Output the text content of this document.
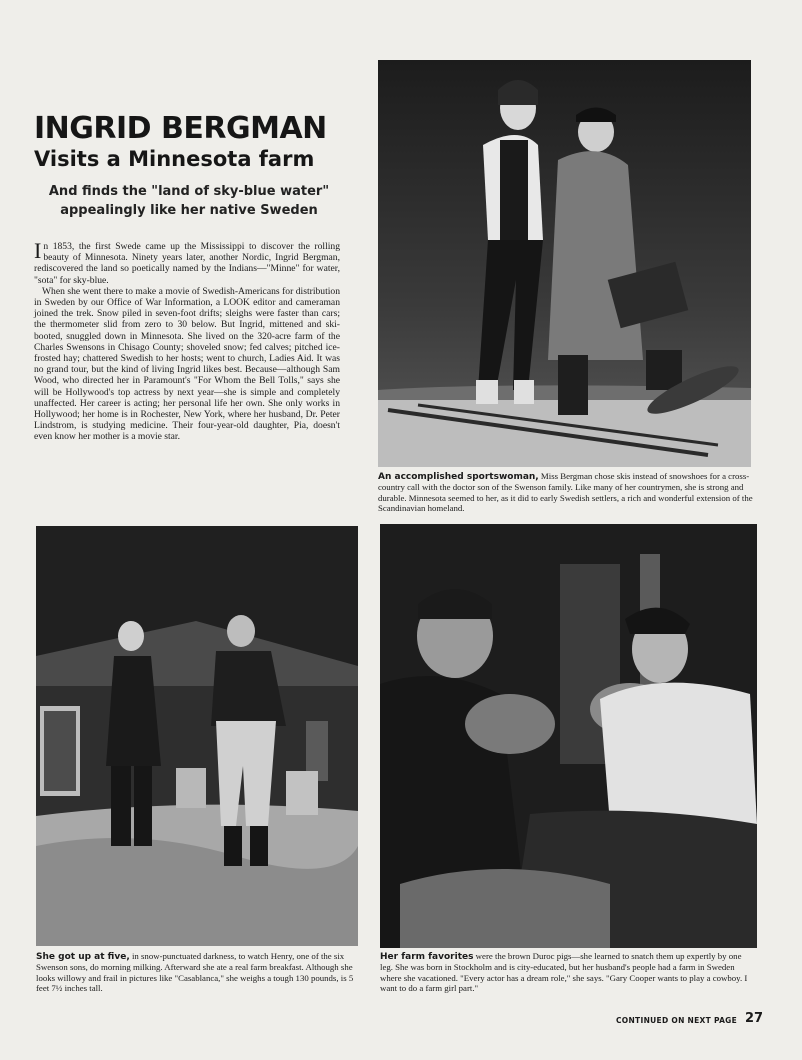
INGRID BERGMAN
Visits a Minnesota farm
And finds the "land of sky-blue water" appealingly like her native Sweden

In 1853, the first Swede came up the Mississippi to discover the rolling beauty of Minnesota. Ninety years later, another Nordic, Ingrid Bergman, rediscovered the land so poetically named by the Indians—"Minne" for water, "sota" for sky-blue.

When she went there to make a movie of Swedish-Americans for distribution in Sweden by our Office of War Information, a LOOK editor and cameraman joined the trek. Snow piled in seven-foot drifts; sleighs were faster than cars; the thermometer slid from zero to 30 below. But Ingrid, mittened and ski-booted, snuggled down in Minnesota. She lived on the 320-acre farm of the Charles Swensons in Chisago County; shoveled snow; fed calves; pitched ice-frosted hay; chattered Swedish to her hosts; went to church, Ladies Aid. It was no grand tour, but the kind of living Ingrid likes best. Because—although Sam Wood, who directed her in Paramount's "For Whom the Bell Tolls," says she will be Hollywood's top actress by next year—she is simple and completely unaffected. Her career is acting; her personal life her own. She only works in Hollywood; her home is in Rochester, New York, where her husband, Dr. Peter Lindstrom, is studying medicine. Their four-year-old daughter, Pia, doesn't even know her mother is a movie star.

An accomplished sportswoman, Miss Bergman chose skis instead of snowshoes for a cross-country call with the doctor son of the Swenson family. Like many of her countrymen, she is strong and durable. Minnesota seemed to her, as it did to early Swedish settlers, a rich and wonderful extension of the Scandinavian homeland.
She got up at five, in snow-punctuated darkness, to watch Henry, one of the six Swenson sons, do morning milking. Afterward she ate a real farm breakfast. Although she looks willowy and frail in pictures like "Casablanca," she weighs a tough 130 pounds, is 5 feet 7½ inches tall.
Her farm favorites were the brown Duroc pigs—she learned to snatch them up expertly by one leg. She was born in Stockholm and is city-educated, but her husband's people had a farm in Sweden where she vacationed. "Every actor has a dream role," she says. "Gary Cooper wants to play a cowboy. I want to do a farm girl part."
CONTINUED ON NEXT PAGE 27
